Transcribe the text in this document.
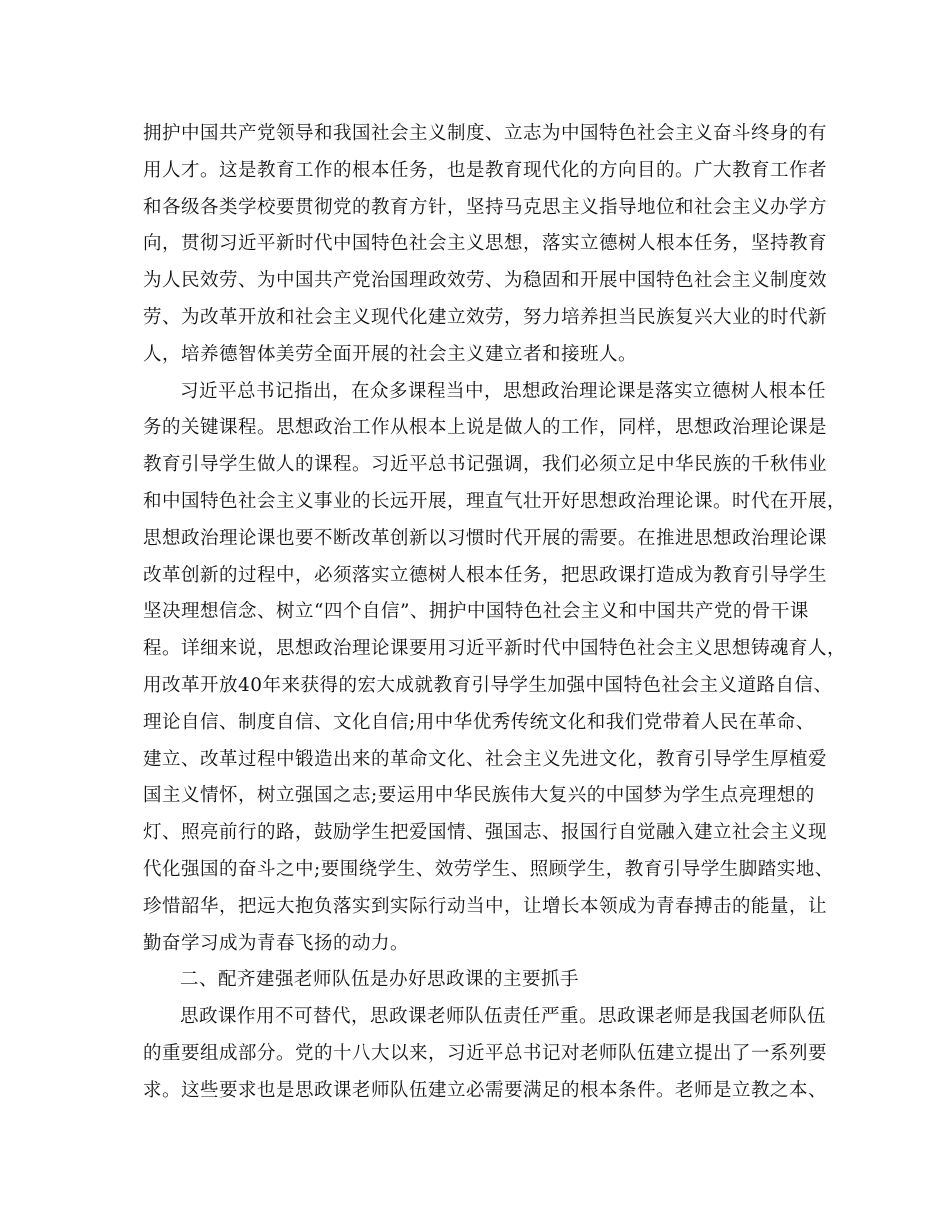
拥护中国共产党领导和我国社会主义制度、立志为中国特色社会主义奋斗终身的有
用人才。这是教育工作的根本任务，也是教育现代化的方向目的。广大教育工作者
和各级各类学校要贯彻党的教育方针，坚持马克思主义指导地位和社会主义办学方
向，贯彻习近平新时代中国特色社会主义思想，落实立德树人根本任务，坚持教育
为人民效劳、为中国共产党治国理政效劳、为稳固和开展中国特色社会主义制度效
劳、为改革开放和社会主义现代化建立效劳，努力培养担当民族复兴大业的时代新
人，培养德智体美劳全面开展的社会主义建立者和接班人。
习近平总书记指出，在众多课程当中，思想政治理论课是落实立德树人根本任
务的关键课程。思想政治工作从根本上说是做人的工作，同样，思想政治理论课是
教育引导学生做人的课程。习近平总书记强调，我们必须立足中华民族的千秋伟业
和中国特色社会主义事业的长远开展，理直气壮开好思想政治理论课。时代在开展，
思想政治理论课也要不断改革创新以习惯时代开展的需要。在推进思想政治理论课
改革创新的过程中，必须落实立德树人根本任务，把思政课打造成为教育引导学生
坚决理想信念、树立“四个自信”、拥护中国特色社会主义和中国共产党的骨干课
程。详细来说，思想政治理论课要用习近平新时代中国特色社会主义思想铸魂育人，
用改革开放40年来获得的宏大成就教育引导学生加强中国特色社会主义道路自信、
理论自信、制度自信、文化自信;用中华优秀传统文化和我们党带着人民在革命、
建立、改革过程中锻造出来的革命文化、社会主义先进文化，教育引导学生厚植爱
国主义情怀，树立强国之志;要运用中华民族伟大复兴的中国梦为学生点亮理想的
灯、照亮前行的路，鼓励学生把爱国情、强国志、报国行自觉融入建立社会主义现
代化强国的奋斗之中;要围绕学生、效劳学生、照顾学生，教育引导学生脚踏实地、
珍惜韶华，把远大抱负落实到实际行动当中，让增长本领成为青春搏击的能量，让
勤奋学习成为青春飞扬的动力。
二、配齐建强老师队伍是办好思政课的主要抓手
思政课作用不可替代，思政课老师队伍责任严重。思政课老师是我国老师队伍
的重要组成部分。党的十八大以来，习近平总书记对老师队伍建立提出了一系列要
求。这些要求也是思政课老师队伍建立必需要满足的根本条件。老师是立教之本、
